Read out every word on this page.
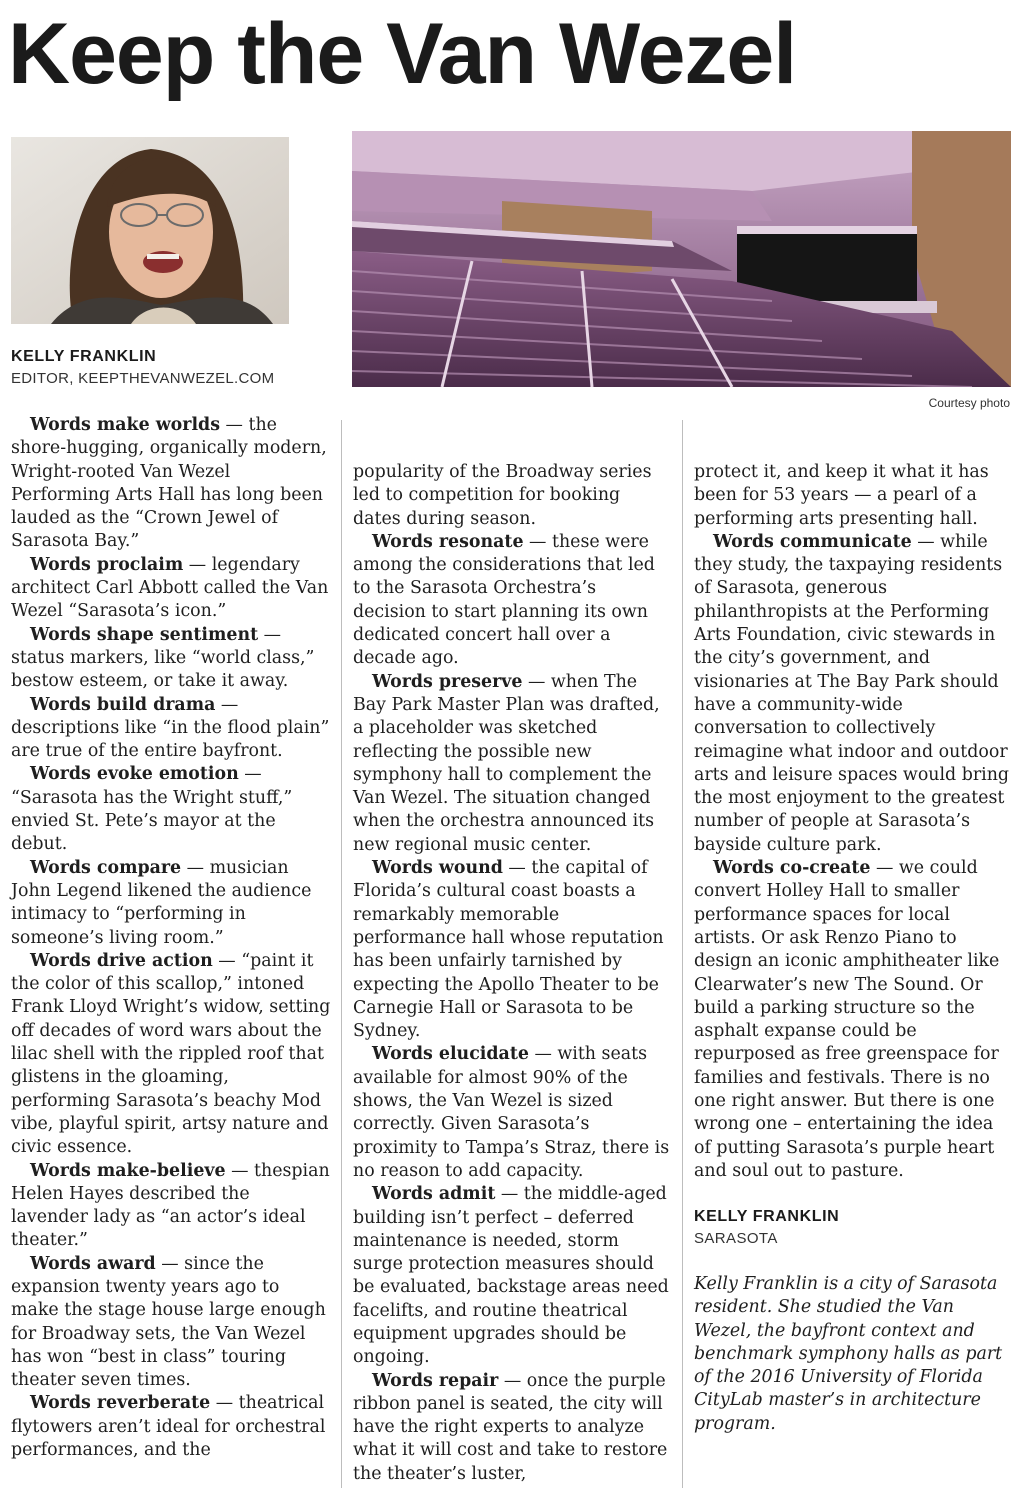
Keep the Van Wezel
KELLY FRANKLIN
EDITOR, KEEPTHEVANWEZEL.COM
Courtesy photo

Words make worlds — the shore-hugging, organically modern, Wright-rooted Van Wezel Performing Arts Hall has long been lauded as the “Crown Jewel of Sarasota Bay.”

Words proclaim — legendary architect Carl Abbott called the Van Wezel “Sarasota’s icon.”

Words shape sentiment — status markers, like “world class,” bestow esteem, or take it away.

Words build drama — descriptions like “in the flood plain” are true of the entire bayfront.

Words evoke emotion — “Sarasota has the Wright stuff,” envied St. Pete’s mayor at the debut.

Words compare — musician John Legend likened the audience intimacy to “performing in someone’s living room.”

Words drive action — “paint it the color of this scallop,” intoned Frank Lloyd Wright’s widow, setting off decades of word wars about the lilac shell with the rippled roof that glistens in the gloaming, performing Sarasota’s beachy Mod vibe, playful spirit, artsy nature and civic essence.

Words make-believe — thespian Helen Hayes described the lavender lady as “an actor’s ideal theater.”

Words award — since the expansion twenty years ago to make the stage house large enough for Broadway sets, the Van Wezel has won “best in class” touring theater seven times.

Words reverberate — theatrical flytowers aren’t ideal for orchestral performances, and the

popularity of the Broadway series led to competition for booking dates during season.

Words resonate — these were among the considerations that led to the Sarasota Orchestra’s decision to start planning its own dedicated concert hall over a decade ago.

Words preserve — when The Bay Park Master Plan was drafted, a placeholder was sketched reflecting the possible new symphony hall to complement the Van Wezel. The situation changed when the orchestra announced its new regional music center.

Words wound — the capital of Florida’s cultural coast boasts a remarkably memorable performance hall whose reputation has been unfairly tarnished by expecting the Apollo Theater to be Carnegie Hall or Sarasota to be Sydney.

Words elucidate — with seats available for almost 90% of the shows, the Van Wezel is sized correctly. Given Sarasota’s proximity to Tampa’s Straz, there is no reason to add capacity.

Words admit — the middle-aged building isn’t perfect – deferred maintenance is needed, storm surge protection measures should be evaluated, backstage areas need facelifts, and routine theatrical equipment upgrades should be ongoing.

Words repair — once the purple ribbon panel is seated, the city will have the right experts to analyze what it will cost and take to restore the theater’s luster,

protect it, and keep it what it has been for 53 years — a pearl of a performing arts presenting hall.

Words communicate — while they study, the taxpaying residents of Sarasota, generous philanthropists at the Performing Arts Foundation, civic stewards in the city’s government, and visionaries at The Bay Park should have a community-wide conversation to collectively reimagine what indoor and outdoor arts and leisure spaces would bring the most enjoyment to the greatest number of people at Sarasota’s bayside culture park.

Words co-create — we could convert Holley Hall to smaller performance spaces for local artists. Or ask Renzo Piano to design an iconic amphitheater like Clearwater’s new The Sound. Or build a parking structure so the asphalt expanse could be repurposed as free greenspace for families and festivals. There is no one right answer. But there is one wrong one – entertaining the idea of putting Sarasota’s purple heart and soul out to pasture.

KELLY FRANKLIN
SARASOTA
Kelly Franklin is a city of Sarasota resident. She studied the Van Wezel, the bayfront context and benchmark symphony halls as part of the 2016 University of Florida CityLab master’s in architecture program.
